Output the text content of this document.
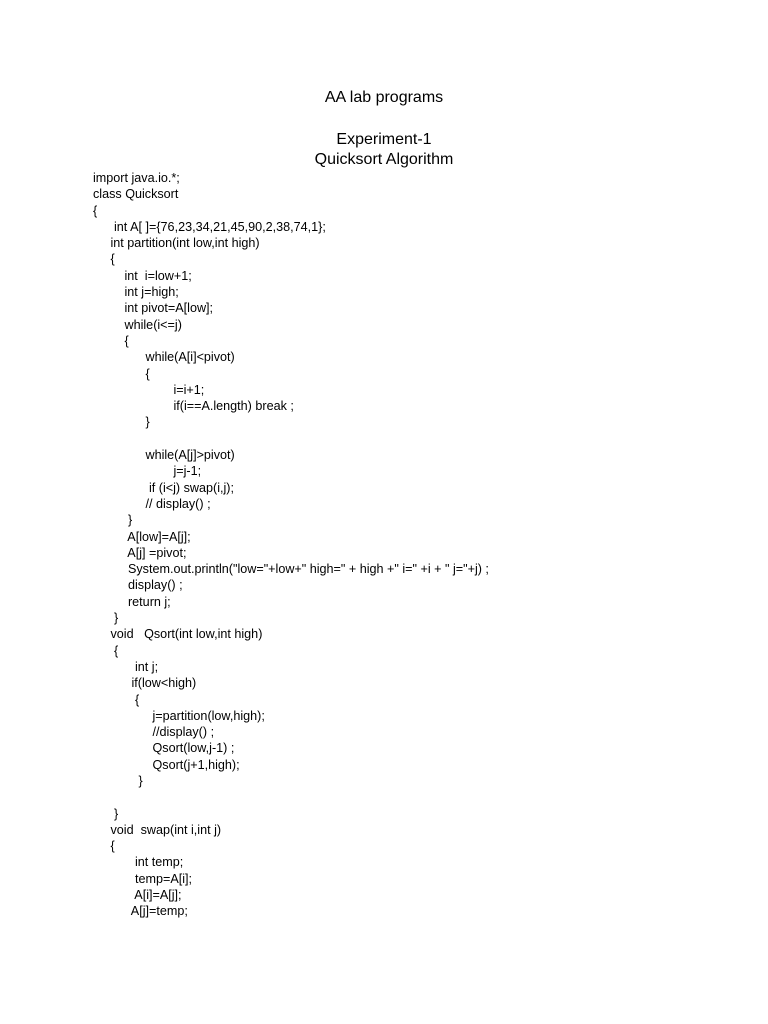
AA lab programs
Experiment-1
Quicksort Algorithm
import java.io.*;
class Quicksort
{
int A[ ]={76,23,34,21,45,90,2,38,74,1};
int partition(int low,int high)
{
int  i=low+1;
int j=high;
int pivot=A[low];
while(i<=j)
{
while(A[i]<pivot)
{
i=i+1;
if(i==A.length) break ;
}
while(A[j]>pivot)
j=j-1;
if (i<j) swap(i,j);
// display() ;
}
A[low]=A[j];
A[j] =pivot;
System.out.println("low="+low+" high=" + high +" i=" +i + " j="+j) ;
display() ;
return j;
}
void   Qsort(int low,int high)
{
int j;
if(low<high)
{
j=partition(low,high);
//display() ;
Qsort(low,j-1) ;
Qsort(j+1,high);
}
}
void  swap(int i,int j)
{
int temp;
temp=A[i];
A[i]=A[j];
A[j]=temp;
